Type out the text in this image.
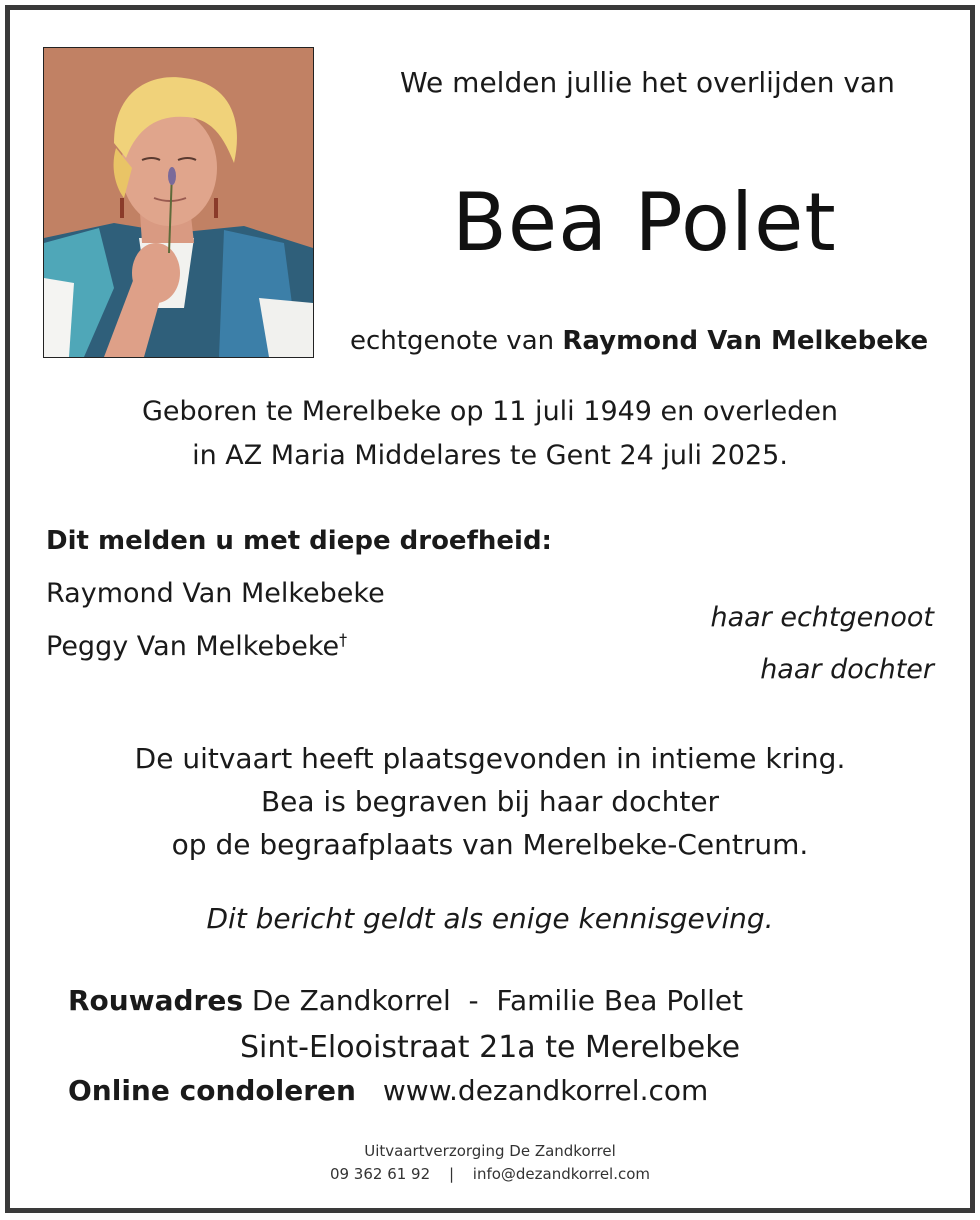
We melden jullie het overlijden van
Bea Polet
echtgenote van Raymond Van Melkebeke
Geboren te Merelbeke op 11 juli 1949 en overleden
in AZ Maria Middelares te Gent 24 juli 2025.
Dit melden u met diepe droefheid:
Raymond Van Melkebeke
Peggy Van Melkebeke†
haar echtgenoot
haar dochter
De uitvaart heeft plaatsgevonden in intieme kring.
Bea is begraven bij haar dochter
op de begraafplaats van Merelbeke-Centrum.
Dit bericht geldt als enige kennisgeving.
Rouwadres De Zandkorrel  -  Familie Bea Pollet
Sint-Elooistraat 21a te Merelbeke
Online condoleren www.dezandkorrel.com
Uitvaartverzorging De Zandkorrel
09 362 61 92 | info@dezandkorrel.com
